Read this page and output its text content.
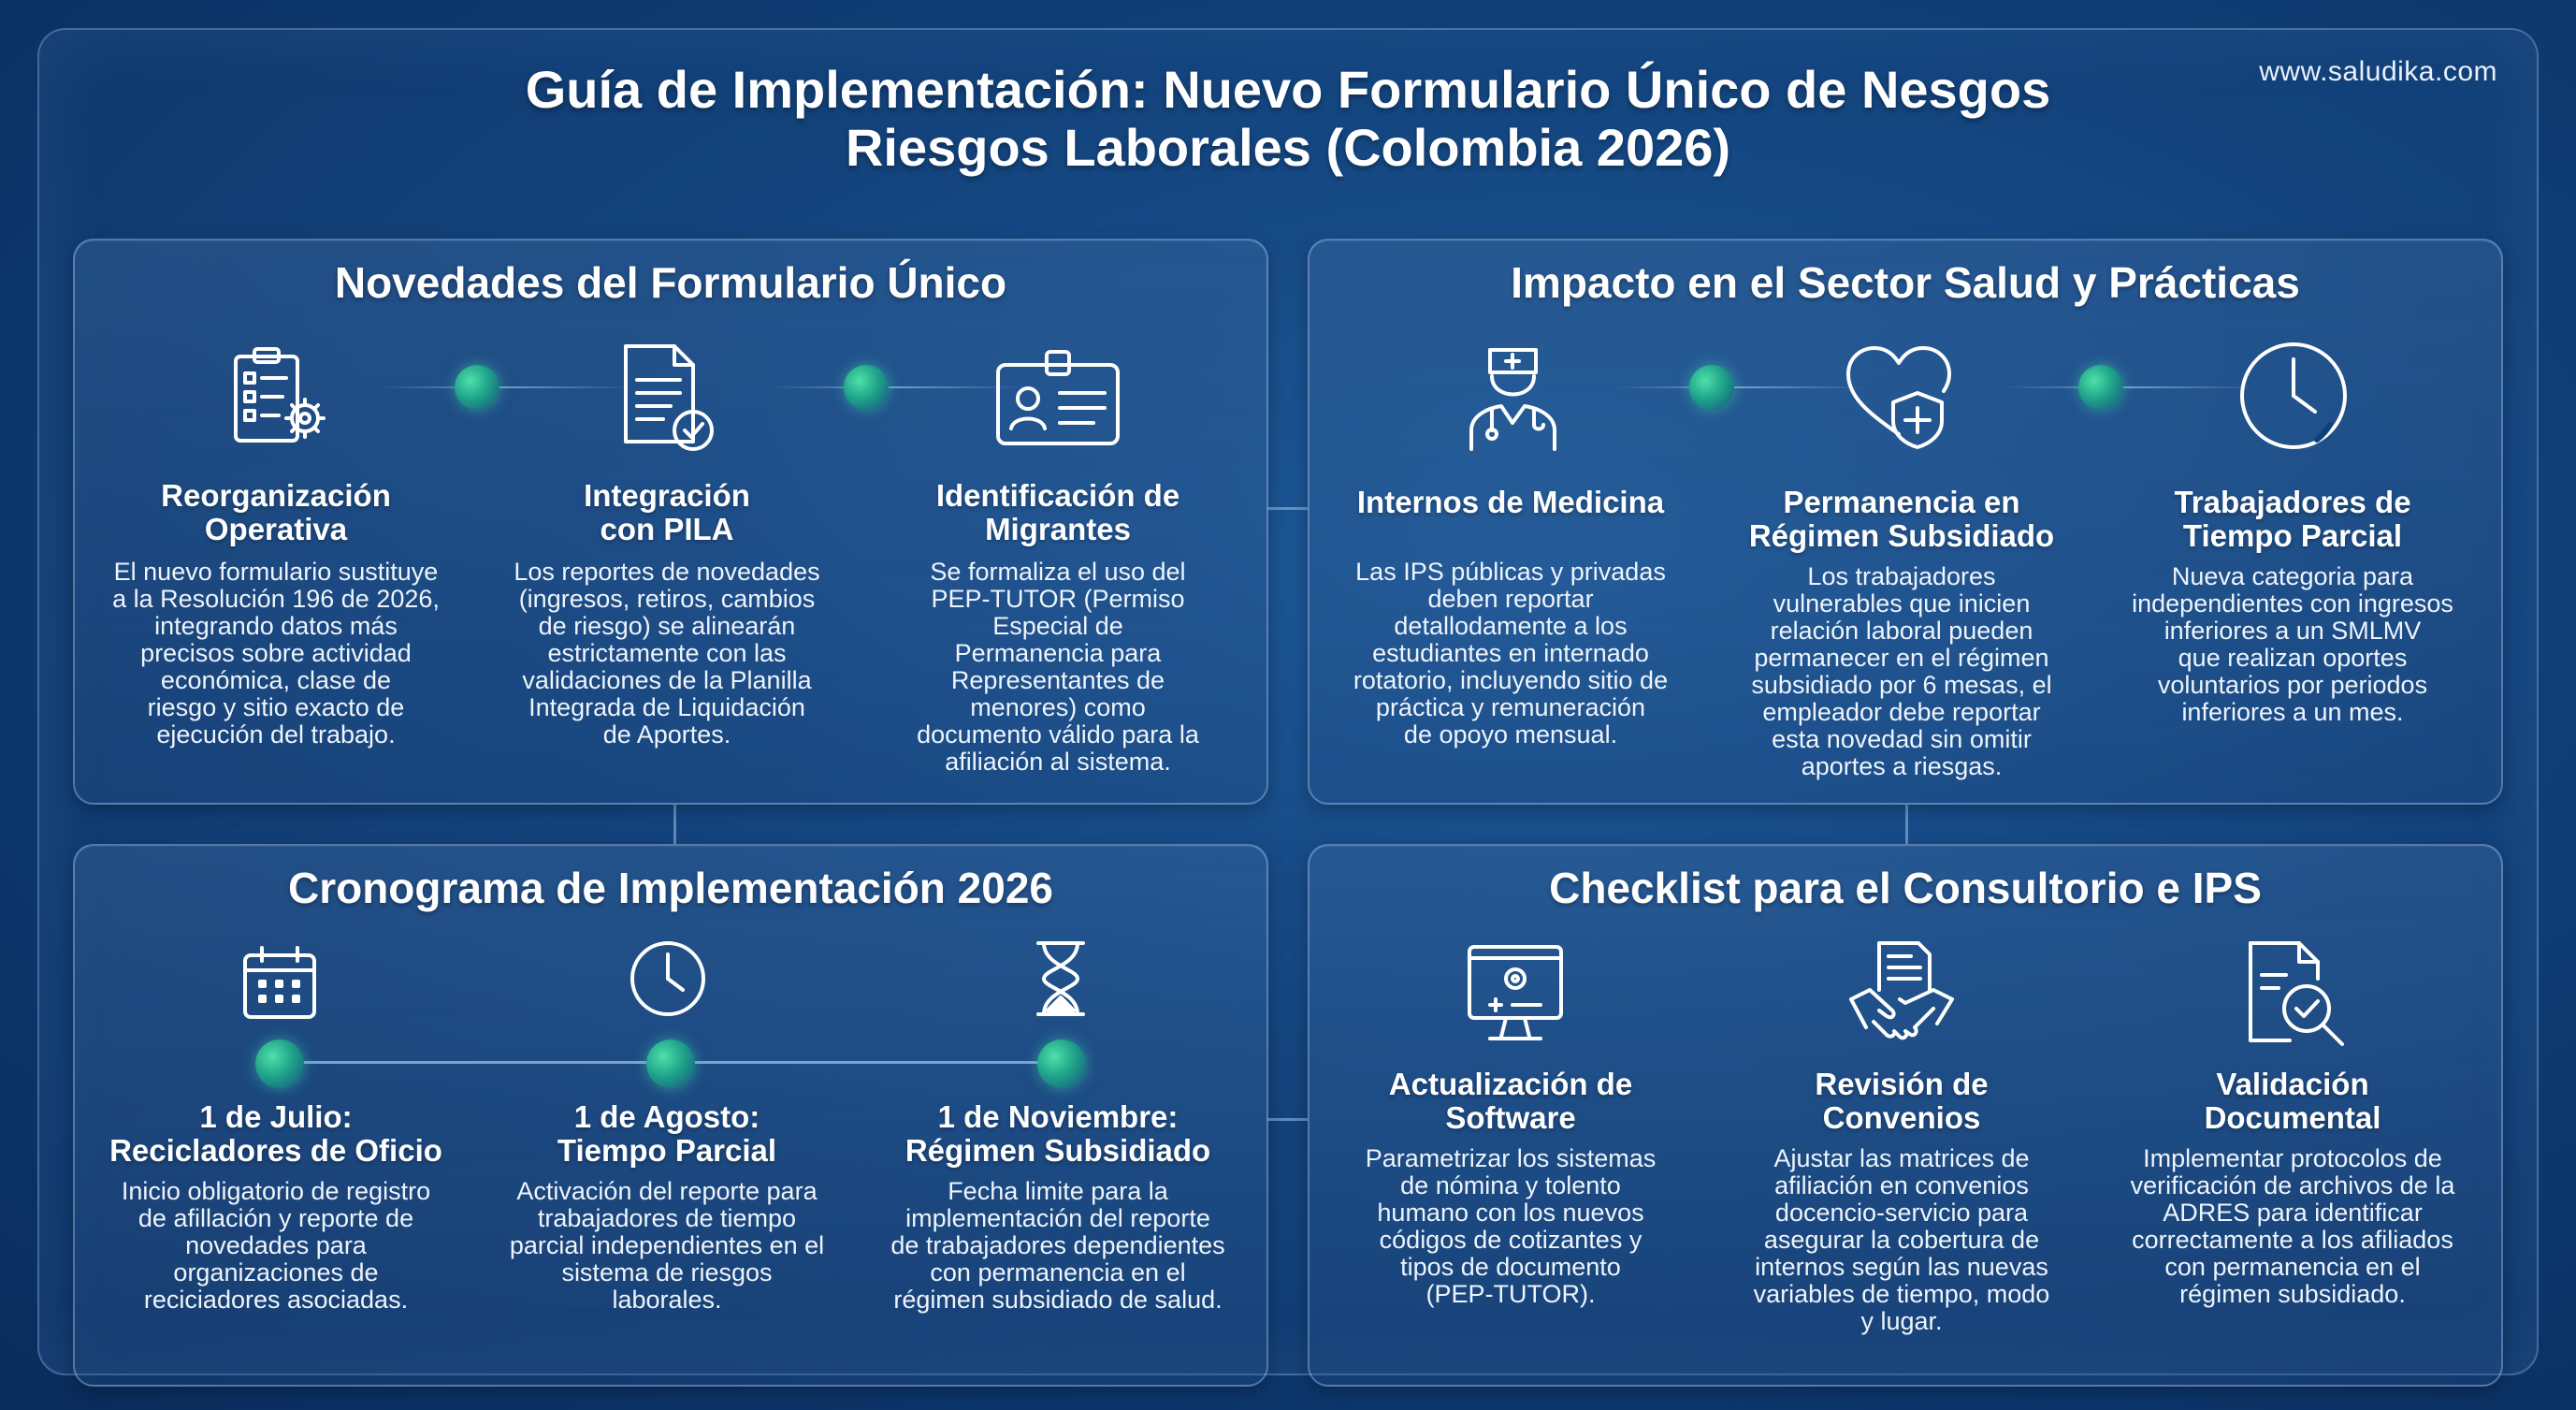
www.saludika.com
Guía de Implementación: Nuevo Formulario Único de Nesgos
Riesgos Laborales (Colombia 2026)
Novedades del Formulario Único
Reorganización
Operativa
El nuevo formulario sustituye
a la Resolución 196 de 2026,
integrando datos más
precisos sobre actividad
económica, clase de
riesgo y sitio exacto de
ejecución del trabajo.
Integración
con PILA
Los reportes de novedades
(ingresos, retiros, cambios
de riesgo) se alinearán
estrictamente con las
validaciones de la Planilla
Integrada de Liquidación
de Aportes.
Identificación de
Migrantes
Se formaliza el uso del
PEP-TUTOR (Permiso
Especial de
Permanencia para
Representantes de
menores) como
documento válido para la
afiliación al sistema.
Impacto en el Sector Salud y Prácticas
Internos de Medicina
Las IPS públicas y privadas
deben reportar
detallodamente a los
estudiantes en internado
rotatorio, incluyendo sitio de
práctica y remuneración
de opoyo mensual.
Permanencia en
Régimen Subsidiado
Los trabajadores
vulnerables que inicien
relación laboral pueden
permanecer en el régimen
subsidiado por 6 mesas, el
empleador debe reportar
esta novedad sin omitir
aportes a riesgas.
Trabajadores de
Tiempo Parcial
Nueva categoria para
independientes con ingresos
inferiores a un SMLMV
que realizan oportes
voluntarios por periodos
inferiores a un mes.
Cronograma de Implementación 2026
1 de Julio:
Recicladores de Oficio
Inicio obligatorio de registro
de afillación y reporte de
novedades para
organizaciones de
reciciadores asociadas.
1 de Agosto:
Tiempo Parcial
Activación del reporte para
trabajadores de tiempo
parcial independientes en el
sistema de riesgos
laborales.
1 de Noviembre:
Régimen Subsidiado
Fecha limite para la
implementación del reporte
de trabajadores dependientes
con permanencia en el
régimen subsidiado de salud.
Checklist para el Consultorio e IPS
Actualización de
Software
Parametrizar los sistemas
de nómina y tolento
humano con los nuevos
códigos de cotizantes y
tipos de documento
(PEP-TUTOR).
Revisión de
Convenios
Ajustar las matrices de
afiliación en convenios
docencio-servicio para
asegurar la cobertura de
internos según las nuevas
variables de tiempo, modo
y lugar.
Validación
Documental
Implementar protocolos de
verificación de archivos de la
ADRES para identificar
correctamente a los afiliados
con permanencia en el
régimen subsidiado.
